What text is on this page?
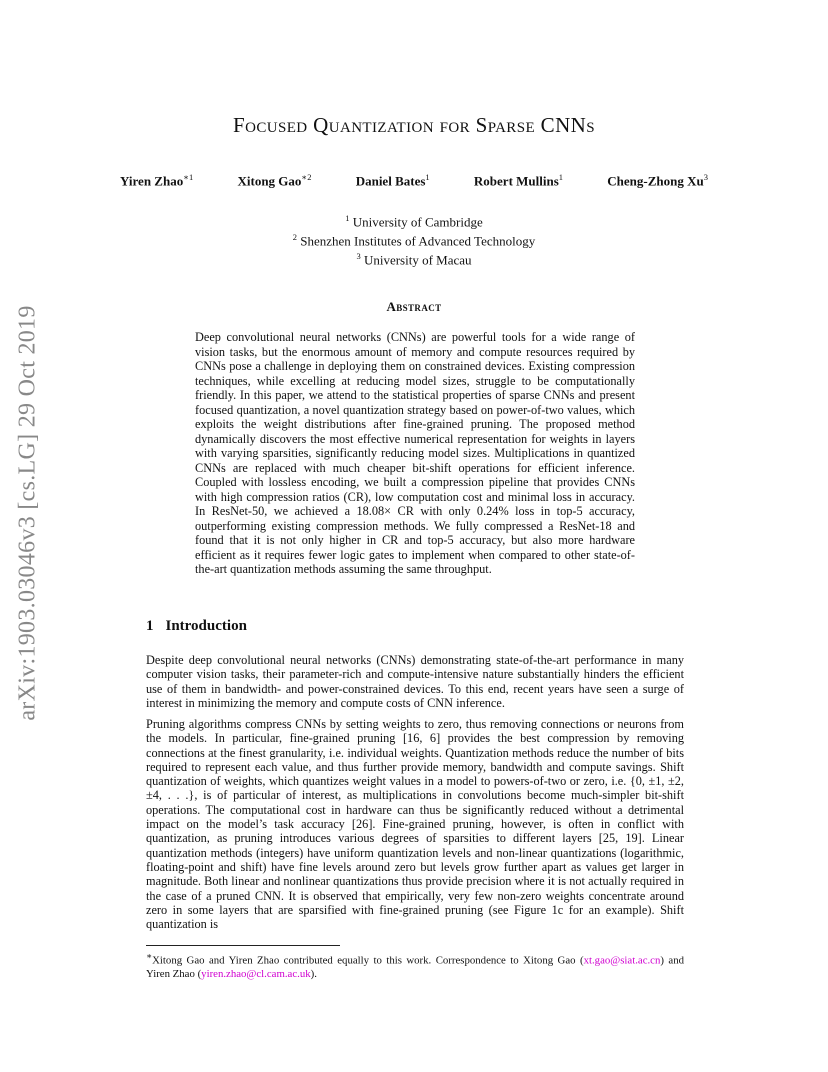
arXiv:1903.03046v3 [cs.LG] 29 Oct 2019
Focused Quantization for Sparse CNNs
Yiren Zhao$^{∗1}$	Xitong Gao$^{∗2}$	Daniel Bates$^1$	Robert Mullins$^1$	Cheng-Zhong Xu$^3$
$^1$ University of Cambridge
$^2$ Shenzhen Institutes of Advanced Technology
$^3$ University of Macau
Abstract

Deep convolutional neural networks (CNNs) are powerful tools for a wide range of vision tasks, but the enormous amount of memory and compute resources required by CNNs pose a challenge in deploying them on constrained devices. Existing compression techniques, while excelling at reducing model sizes, struggle to be computationally friendly. In this paper, we attend to the statistical properties of sparse CNNs and present focused quantization, a novel quantization strategy based on power-of-two values, which exploits the weight distributions after fine-grained pruning. The proposed method dynamically discovers the most effective numerical representation for weights in layers with varying sparsities, significantly reducing model sizes. Multiplications in quantized CNNs are replaced with much cheaper bit-shift operations for efficient inference. Coupled with lossless encoding, we built a compression pipeline that provides CNNs with high compression ratios (CR), low computation cost and minimal loss in accuracy. In ResNet-50, we achieved a 18.08× CR with only 0.24% loss in top-5 accuracy, outperforming existing compression methods. We fully compressed a ResNet-18 and found that it is not only higher in CR and top-5 accuracy, but also more hardware efficient as it requires fewer logic gates to implement when compared to other state-of-the-art quantization methods assuming the same throughput.

1 Introduction

Despite deep convolutional neural networks (CNNs) demonstrating state-of-the-art performance in many computer vision tasks, their parameter-rich and compute-intensive nature substantially hinders the efficient use of them in bandwidth- and power-constrained devices. To this end, recent years have seen a surge of interest in minimizing the memory and compute costs of CNN inference.

Pruning algorithms compress CNNs by setting weights to zero, thus removing connections or neurons from the models. In particular, fine-grained pruning [16, 6] provides the best compression by removing connections at the finest granularity, i.e. individual weights. Quantization methods reduce the number of bits required to represent each value, and thus further provide memory, bandwidth and compute savings. Shift quantization of weights, which quantizes weight values in a model to powers-of-two or zero, i.e. {0, ±1, ±2, ±4, . . .}, is of particular of interest, as multiplications in convolutions become much-simpler bit-shift operations. The computational cost in hardware can thus be significantly reduced without a detrimental impact on the model’s task accuracy [26]. Fine-grained pruning, however, is often in conflict with quantization, as pruning introduces various degrees of sparsities to different layers [25, 19]. Linear quantization methods (integers) have uniform quantization levels and non-linear quantizations (logarithmic, floating-point and shift) have fine levels around zero but levels grow further apart as values get larger in magnitude. Both linear and nonlinear quantizations thus provide precision where it is not actually required in the case of a pruned CNN. It is observed that empirically, very few non-zero weights concentrate around zero in some layers that are sparsified with fine-grained pruning (see Figure 1c for an example). Shift quantization is

∗Xitong Gao and Yiren Zhao contributed equally to this work. Correspondence to Xitong Gao (xt.gao@siat.ac.cn) and Yiren Zhao (yiren.zhao@cl.cam.ac.uk).
